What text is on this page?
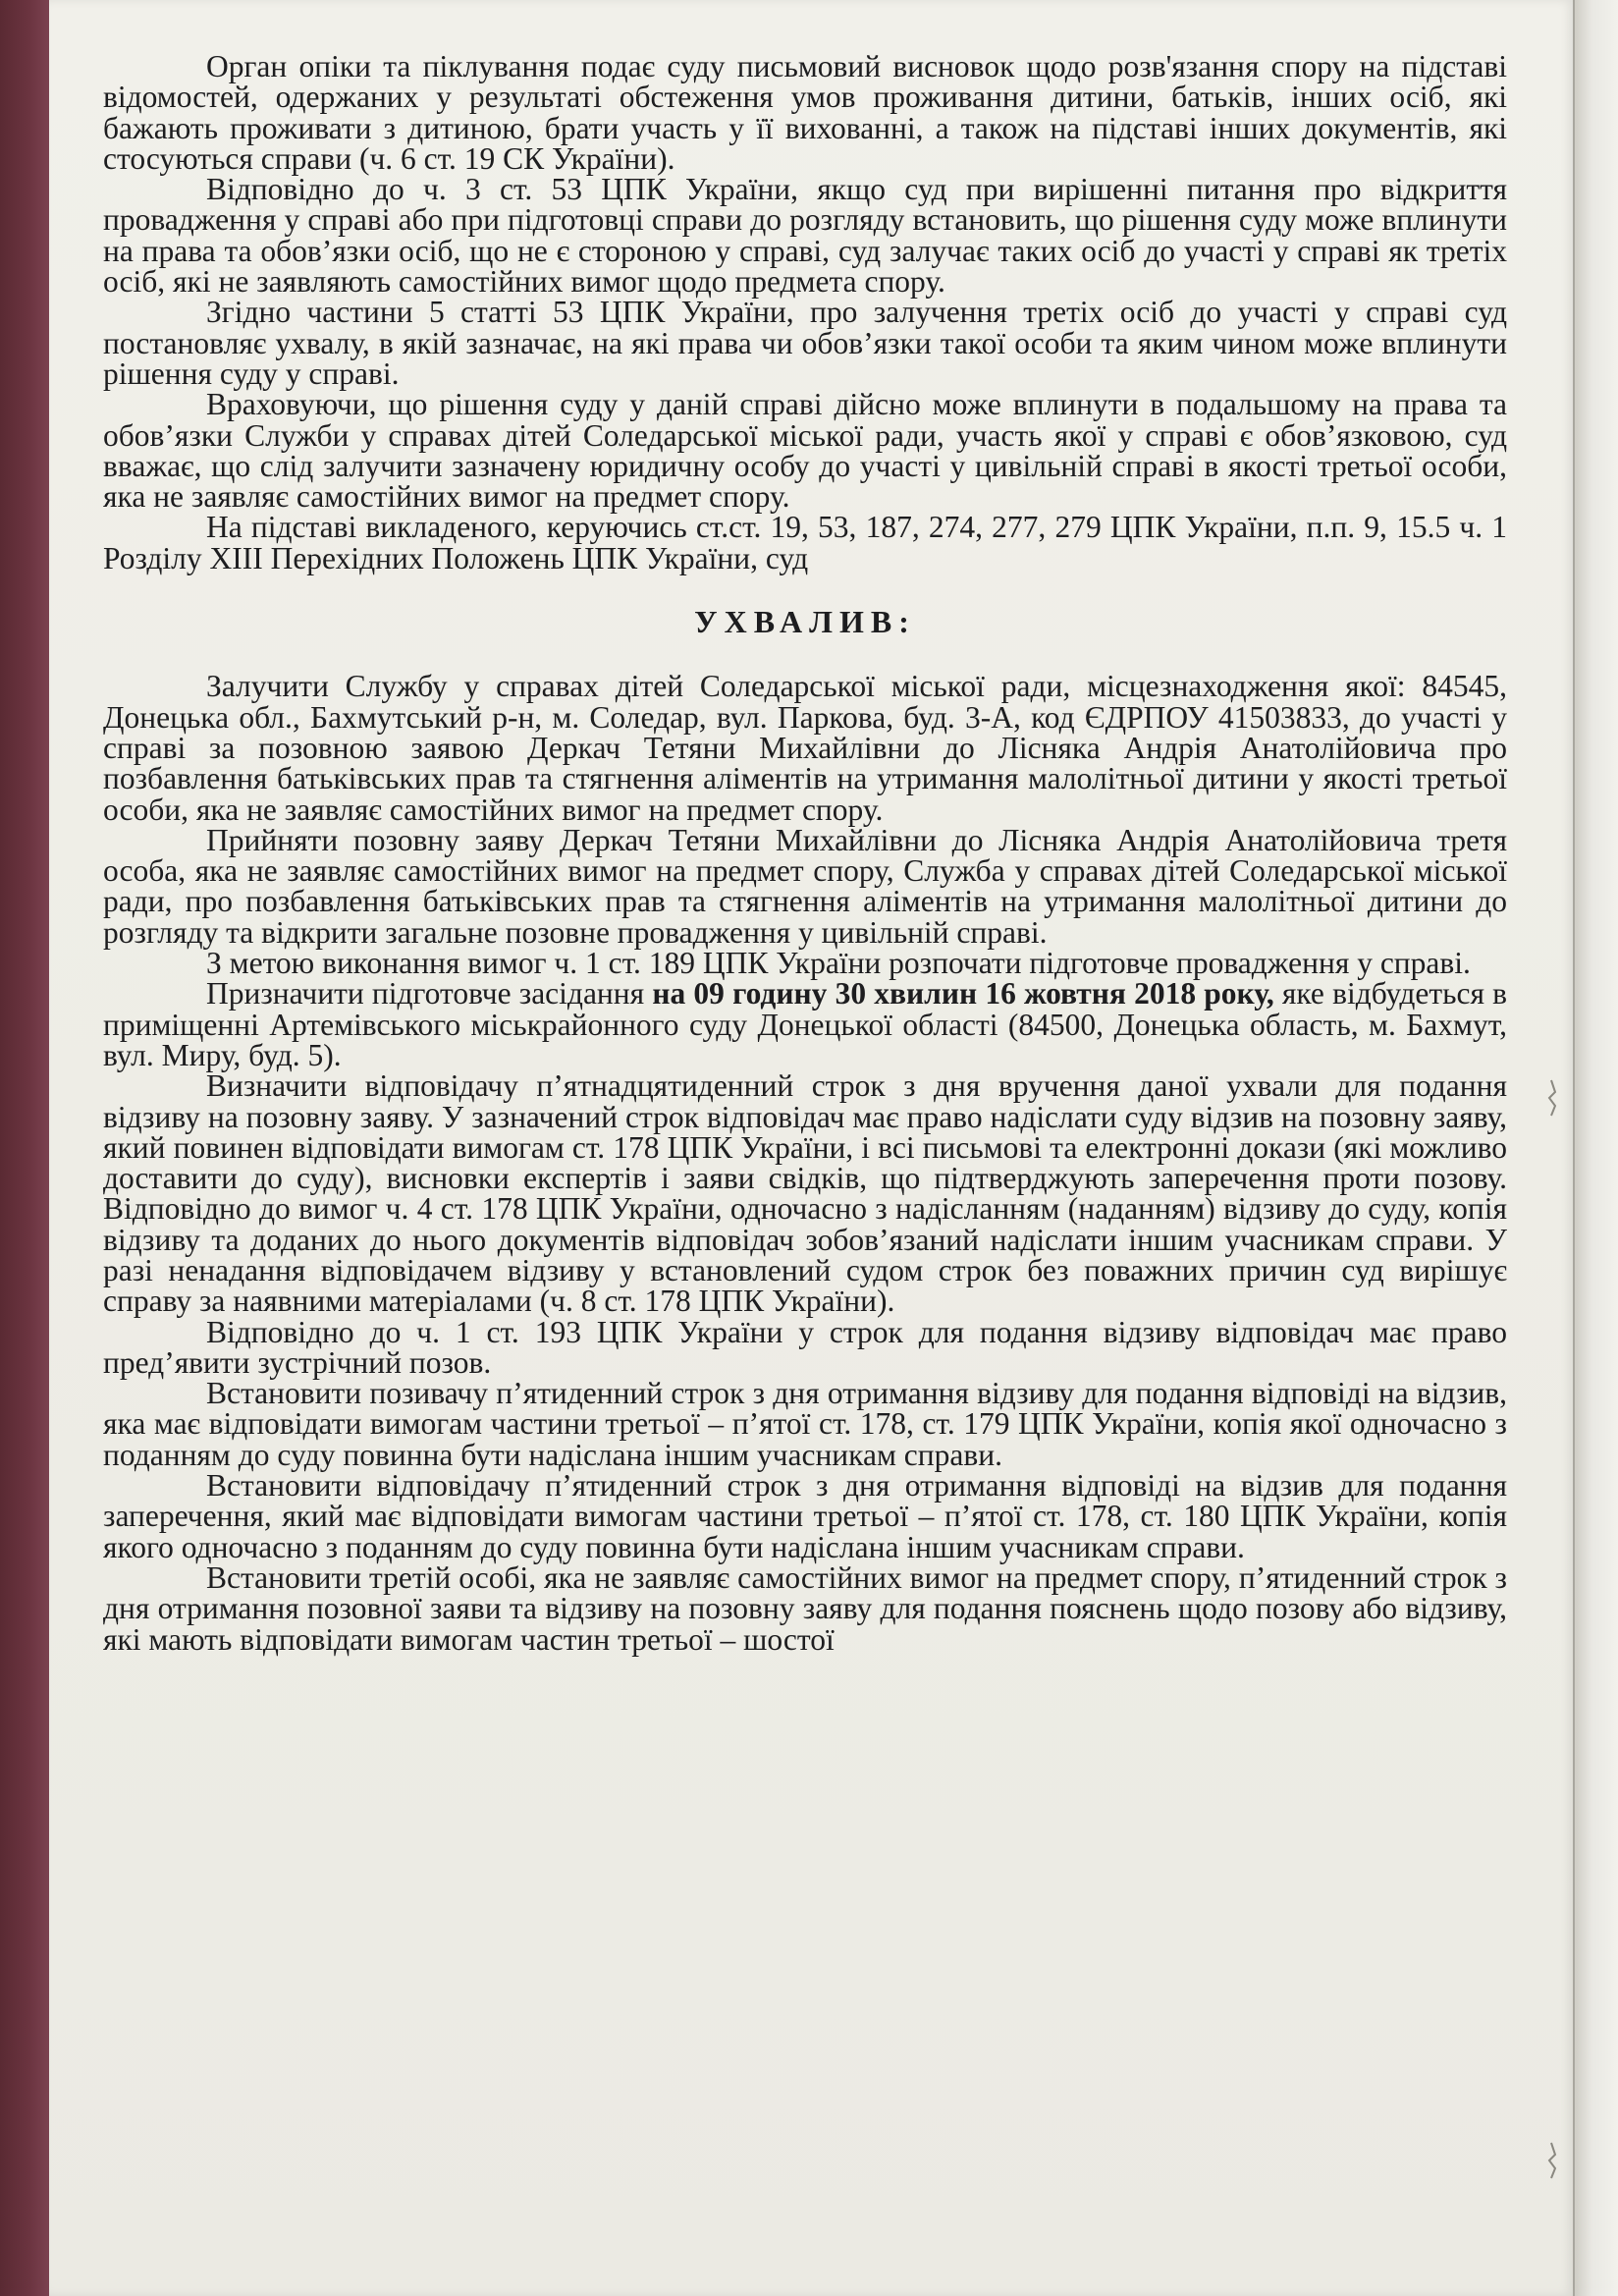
Орган опіки та піклування подає суду письмовий висновок щодо розв'язання спору на підставі відомостей, одержаних у результаті обстеження умов проживання дитини, батьків, інших осіб, які бажають проживати з дитиною, брати участь у її вихованні, а також на підставі інших документів, які стосуються справи (ч. 6 ст. 19 СК України).

Відповідно до ч. 3 ст. 53 ЦПК України, якщо суд при вирішенні питання про відкриття провадження у справі або при підготовці справи до розгляду встановить, що рішення суду може вплинути на права та обов’язки осіб, що не є стороною у справі, суд залучає таких осіб до участі у справі як третіх осіб, які не заявляють самостійних вимог щодо предмета спору.

Згідно частини 5 статті 53 ЦПК України, про залучення третіх осіб до участі у справі суд постановляє ухвалу, в якій зазначає, на які права чи обов’язки такої особи та яким чином може вплинути рішення суду у справі.

Враховуючи, що рішення суду у даній справі дійсно може вплинути в подальшому на права та обов’язки Служби у справах дітей Соледарської міської ради, участь якої у справі є обов’язковою, суд вважає, що слід залучити зазначену юридичну особу до участі у цивільній справі в якості третьої особи, яка не заявляє самостійних вимог на предмет спору.

На підставі викладеного, керуючись ст.ст. 19, 53, 187, 274, 277, 279 ЦПК України, п.п. 9, 15.5 ч. 1 Розділу ХІІІ Перехідних Положень ЦПК України, суд

УХВАЛИВ:

Залучити Службу у справах дітей Соледарської міської ради, місцезнаходження якої: 84545, Донецька обл., Бахмутський р-н, м. Соледар, вул. Паркова, буд. 3-А, код ЄДРПОУ 41503833, до участі у справі за позовною заявою Деркач Тетяни Михайлівни до Лісняка Андрія Анатолійовича про позбавлення батьківських прав та стягнення аліментів на утримання малолітньої дитини у якості третьої особи, яка не заявляє самостійних вимог на предмет спору.

Прийняти позовну заяву Деркач Тетяни Михайлівни до Лісняка Андрія Анатолійовича третя особа, яка не заявляє самостійних вимог на предмет спору, Служба у справах дітей Соледарської міської ради, про позбавлення батьківських прав та стягнення аліментів на утримання малолітньої дитини до розгляду та відкрити загальне позовне провадження у цивільній справі.

З метою виконання вимог ч. 1 ст. 189 ЦПК України розпочати підготовче провадження у справі.

Призначити підготовче засідання на 09 годину 30 хвилин 16 жовтня 2018 року, яке відбудеться в приміщенні Артемівського міськрайонного суду Донецької області (84500, Донецька область, м. Бахмут, вул. Миру, буд. 5).

Визначити відповідачу п’ятнадцятиденний строк з дня вручення даної ухвали для подання відзиву на позовну заяву. У зазначений строк відповідач має право надіслати суду відзив на позовну заяву, який повинен відповідати вимогам ст. 178 ЦПК України, і всі письмові та електронні докази (які можливо доставити до суду), висновки експертів і заяви свідків, що підтверджують заперечення проти позову. Відповідно до вимог ч. 4 ст. 178 ЦПК України, одночасно з надісланням (наданням) відзиву до суду, копія відзиву та доданих до нього документів відповідач зобов’язаний надіслати іншим учасникам справи. У разі ненадання відповідачем відзиву у встановлений судом строк без поважних причин суд вирішує справу за наявними матеріалами (ч. 8 ст. 178 ЦПК України).

Відповідно до ч. 1 ст. 193 ЦПК України у строк для подання відзиву відповідач має право пред’явити зустрічний позов.

Встановити позивачу п’ятиденний строк з дня отримання відзиву для подання відповіді на відзив, яка має відповідати вимогам частини третьої – п’ятої ст. 178, ст. 179 ЦПК України, копія якої одночасно з поданням до суду повинна бути надіслана іншим учасникам справи.

Встановити відповідачу п’ятиденний строк з дня отримання відповіді на відзив для подання заперечення, який має відповідати вимогам частини третьої – п’ятої ст. 178, ст. 180 ЦПК України, копія якого одночасно з поданням до суду повинна бути надіслана іншим учасникам справи.

Встановити третій особі, яка не заявляє самостійних вимог на предмет спору, п’ятиденний строк з дня отримання позовної заяви та відзиву на позовну заяву для подання пояснень щодо позову або відзиву, які мають відповідати вимогам частин третьої – шостої
